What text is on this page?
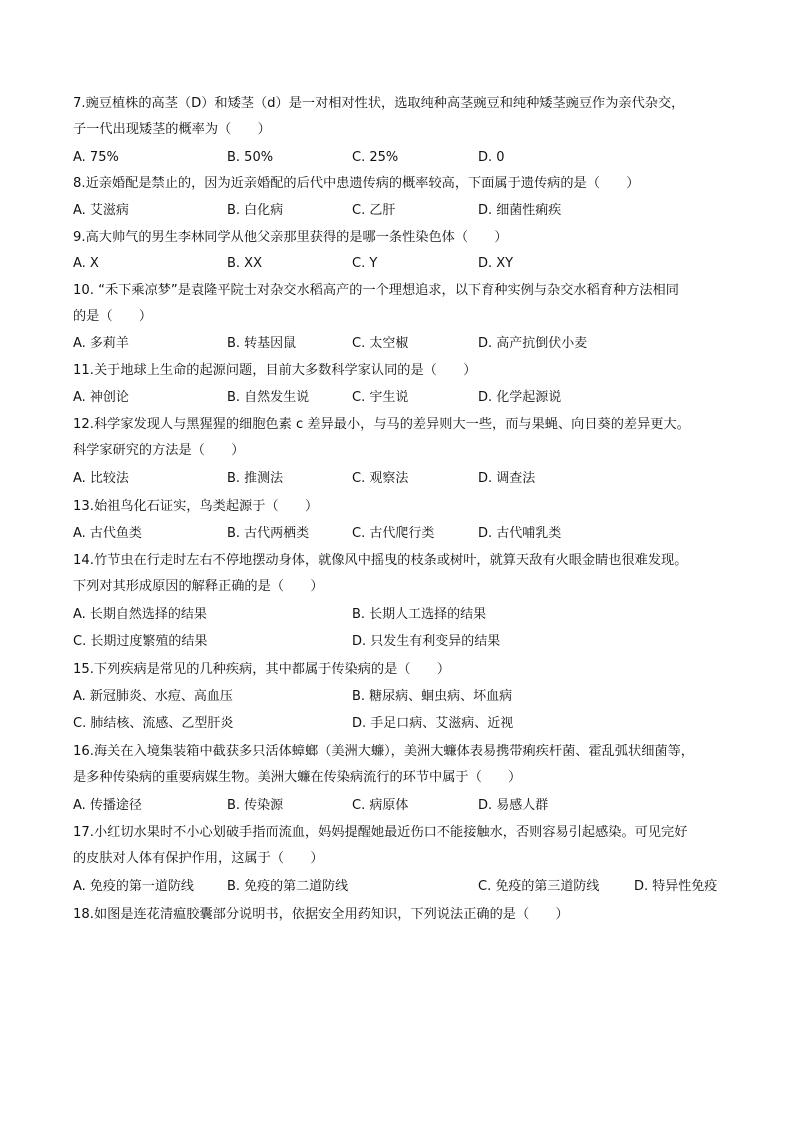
7.豌豆植株的高茎（D）和矮茎（d）是一对相对性状，选取纯种高茎豌豆和纯种矮茎豌豆作为亲代杂交，
子一代出现矮茎的概率为（　　）
A. 75%	B. 50%	C. 25%	D. 0
8.近亲婚配是禁止的，因为近亲婚配的后代中患遗传病的概率较高，下面属于遗传病的是（　　）
A. 艾滋病	B. 白化病	C. 乙肝	D. 细菌性痢疾
9.高大帅气的男生李林同学从他父亲那里获得的是哪一条性染色体（　　）
A. X	B. XX	C. Y	D. XY
10. “禾下乘凉梦”是袁隆平院士对杂交水稻高产的一个理想追求，以下育种实例与杂交水稻育种方法相同
的是（　　）
A. 多莉羊	B. 转基因鼠	C. 太空椒	D. 高产抗倒伏小麦
11.关于地球上生命的起源问题，目前大多数科学家认同的是（　　）
A. 神创论	B. 自然发生说	C. 宇生说	D. 化学起源说
12.科学家发现人与黑猩猩的细胞色素 c 差异最小，与马的差异则大一些，而与果蝇、向日葵的差异更大。
科学家研究的方法是（　　）
A. 比较法	B. 推测法	C. 观察法	D. 调查法
13.始祖鸟化石证实，鸟类起源于（　　）
A. 古代鱼类	B. 古代两栖类	C. 古代爬行类	D. 古代哺乳类
14.竹节虫在行走时左右不停地摆动身体，就像风中摇曳的枝条或树叶，就算天敌有火眼金睛也很难发现。
下列对其形成原因的解释正确的是（　　）
A. 长期自然选择的结果	B. 长期人工选择的结果
C. 长期过度繁殖的结果	D. 只发生有利变异的结果
15.下列疾病是常见的几种疾病，其中都属于传染病的是（　　）
A. 新冠肺炎、水痘、高血压	B. 糖尿病、蛔虫病、坏血病
C. 肺结核、流感、乙型肝炎	D. 手足口病、艾滋病、近视
16.海关在入境集装箱中截获多只活体蟑螂（美洲大蠊），美洲大蠊体表易携带痢疾杆菌、霍乱弧状细菌等，
是多种传染病的重要病媒生物。美洲大蠊在传染病流行的环节中属于（　　）
A. 传播途径	B. 传染源	C. 病原体	D. 易感人群
17.小红切水果时不小心划破手指而流血，妈妈提醒她最近伤口不能接触水，否则容易引起感染。可见完好
的皮肤对人体有保护作用，这属于（　　）
A. 免疫的第一道防线	B. 免疫的第二道防线	C. 免疫的第三道防线	D. 特异性免疫
18.如图是连花清瘟胶囊部分说明书，依据安全用药知识，下列说法正确的是（　　）
